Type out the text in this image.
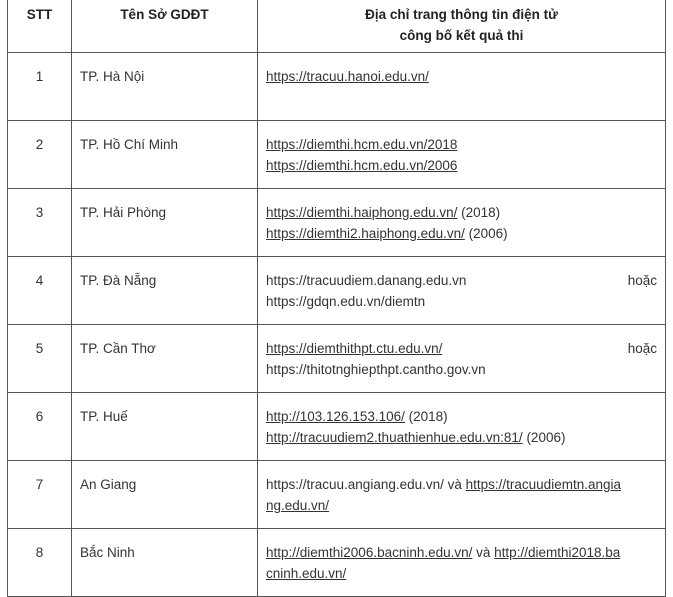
STT	Tên Sở GDĐT	Địa chỉ trang thông tin điện tử
công bố kết quả thi

1	TP. Hà Nội	https://tracuu.hanoi.edu.vn/
2	TP. Hồ Chí Minh	https://diemthi.hcm.edu.vn/2018
https://diemthi.hcm.edu.vn/2006

3	TP. Hải Phòng	https://diemthi.haiphong.edu.vn/ (2018)
https://diemthi2.haiphong.edu.vn/ (2006)

4	TP. Đà Nẵng	https://tracuudiem.danang.edu.vn hoặc
https://gdqn.edu.vn/diemtn

5	TP. Cần Thơ	https://diemthithpt.ctu.edu.vn/ hoặc
https://thitotnghiepthpt.cantho.gov.vn

6	TP. Huế	http://103.126.153.106/ (2018)
http://tracuudiem2.thuathienhue.edu.vn:81/ (2006)

7	An Giang	https://tracuu.angiang.edu.vn/ và https://tracuudiemtn.angia
ng.edu.vn/

8	Bắc Ninh	http://diemthi2006.bacninh.edu.vn/ và http://diemthi2018.ba
cninh.edu.vn/
